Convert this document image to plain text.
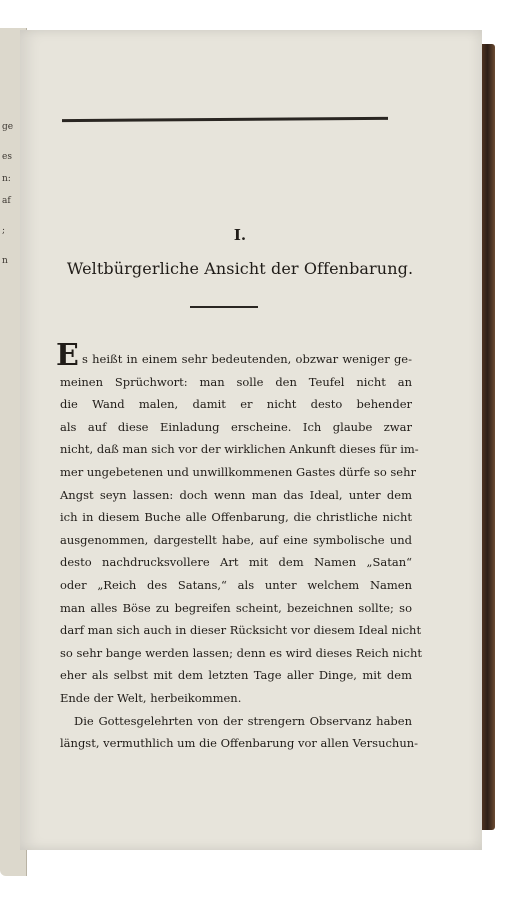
ge
es
n:
af
;
n
I.
Weltbürgerliche Ansicht der Offenbarung.
E s heißt in einem sehr bedeutenden, obzwar weniger ge-
meinen Sprüchwort: man solle den Teufel nicht an
die Wand malen, damit er nicht desto behender
als auf diese Einladung erscheine. Ich glaube zwar
nicht, daß man sich vor der wirklichen Ankunft dieses für im-
mer ungebetenen und unwillkommenen Gastes dürfe so sehr
Angst seyn lassen: doch wenn man das Ideal, unter dem
ich in diesem Buche alle Offenbarung, die christliche nicht
ausgenommen, dargestellt habe, auf eine symbolische und
desto nachdrucksvollere Art mit dem Namen „Satan“
oder „Reich des Satans,“ als unter welchem Namen
man alles Böse zu begreifen scheint, bezeichnen sollte; so
darf man sich auch in dieser Rücksicht vor diesem Ideal nicht
so sehr bange werden lassen; denn es wird dieses Reich nicht
eher als selbst mit dem letzten Tage aller Dinge, mit dem
Ende der Welt, herbeikommen.
Die Gottesgelehrten von der strengern Observanz haben
längst, vermuthlich um die Offenbarung vor allen Versuchun-
